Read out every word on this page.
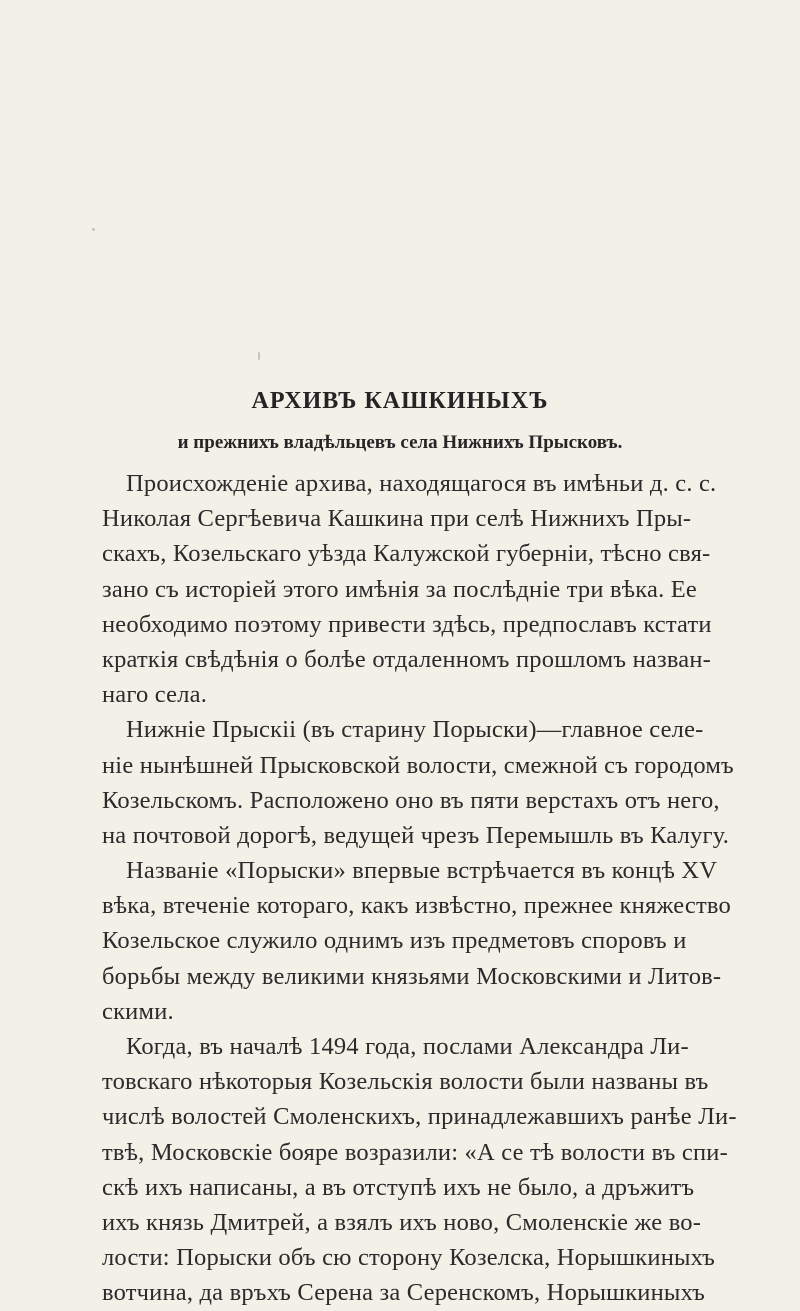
АРХИВЪ КАШКИНЫХЪ
и прежнихъ владѣльцевъ села Нижнихъ Прысковъ.
Происхожденіе архива, находящагося въ имѣньи д. с. с.
Николая Сергѣевича Кашкина при селѣ Нижнихъ Пры-
скахъ, Козельскаго уѣзда Калужской губерніи, тѣсно свя-
зано съ исторіей этого имѣнія за послѣдніе три вѣка. Ее
необходимо поэтому привести здѣсь, предпославъ кстати
краткія свѣдѣнія о болѣе отдаленномъ прошломъ назван-
наго села.
Нижніе Прыскіі (въ старину Порыски)—главное селе-
ніе нынѣшней Прысковской волости, смежной съ городомъ
Козельскомъ. Расположено оно въ пяти верстахъ отъ него,
на почтовой дорогѣ, ведущей чрезъ Перемышль въ Калугу.
Названіе «Порыски» впервые встрѣчается въ концѣ XV
вѣка, втеченіе котораго, какъ извѣстно, прежнее княжество
Козельское служило однимъ изъ предметовъ споровъ и
борьбы между великими князьями Московскими и Литов-
скими.
Когда, въ началѣ 1494 года, послами Александра Ли-
товскаго нѣкоторыя Козельскія волости были названы въ
числѣ волостей Смоленскихъ, принадлежавшихъ ранѣе Ли-
твѣ, Московскіе бояре возразили: «А се тѣ волости въ спи-
скѣ ихъ написаны, а въ отступѣ ихъ не было, а дръжитъ
ихъ князь Дмитрей, а взялъ ихъ ново, Смоленскіе же во-
лости: Порыски объ сю сторону Козелска, Норышкиныхъ
вотчина, да връхъ Серена за Серенскомъ, Норышкиныхъ
